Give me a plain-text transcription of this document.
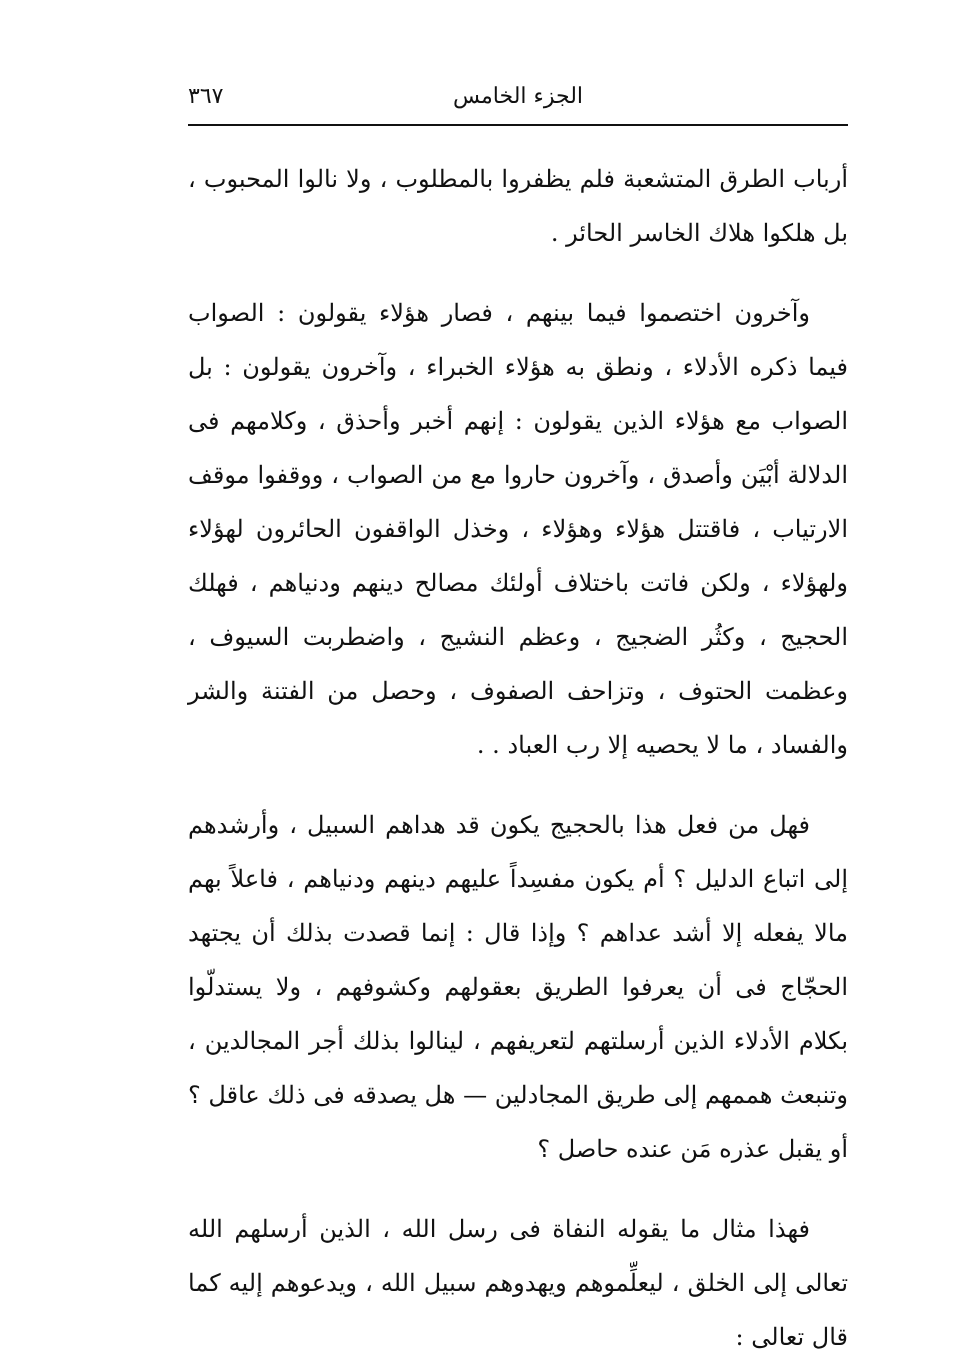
الجزء الخامس
٣٦٧

أرباب الطرق المتشعبة فلم يظفروا بالمطلوب ، ولا نالوا المحبوب ، بل هلكوا هلاك الخاسر الحائر .

وآخرون اختصموا فيما بينهم ، فصار هؤلاء يقولون : الصواب فيما ذكره الأدلاء ، ونطق به هؤلاء الخبراء ، وآخرون يقولون : بل الصواب مع هؤلاء الذين يقولون : إنهم أخبر وأحذق ، وكلامهم فى الدلالة أبْيَن وأصدق ، وآخرون حاروا مع من الصواب ، ووقفوا موقف الارتياب ، فاقتتل هؤلاء وهؤلاء ، وخذل الواقفون الحائرون لهؤلاء ولهؤلاء ، ولكن فاتت باختلاف أولئك مصالح دينهم ودنياهم ، فهلك الحجيج ، وكثُر الضجيج ، وعظم النشيج ، واضطربت السيوف ، وعظمت الحتوف ، وتزاحف الصفوف ، وحصل من الفتنة والشر والفساد ، ما لا يحصيه إلا رب العباد . .

فهل من فعل هذا بالحجيج يكون قد هداهم السبيل ، وأرشدهم إلى اتباع الدليل ؟ أم يكون مفسِداً عليهم دينهم ودنياهم ، فاعلاً بهم مالا يفعله إلا أشد عداهم ؟ وإذا قال : إنما قصدت بذلك أن يجتهد الحجّاج فى أن يعرفوا الطريق بعقولهم وكشوفهم ، ولا يستدلّوا بكلام الأدلاء الذين أرسلتهم لتعريفهم ، لينالوا بذلك أجر المجالدين ، وتنبعث هممهم إلى طريق المجادلين — هل يصدقه فى ذلك عاقل ؟ أو يقبل عذره مَن عنده حاصل ؟

فهذا مثال ما يقوله النفاة فى رسل الله ، الذين أرسلهم الله تعالى إلى الخلق ، ليعلِّموهم ويهدوهم سبيل الله ، ويدعوهم إليه كما قال تعالى :
